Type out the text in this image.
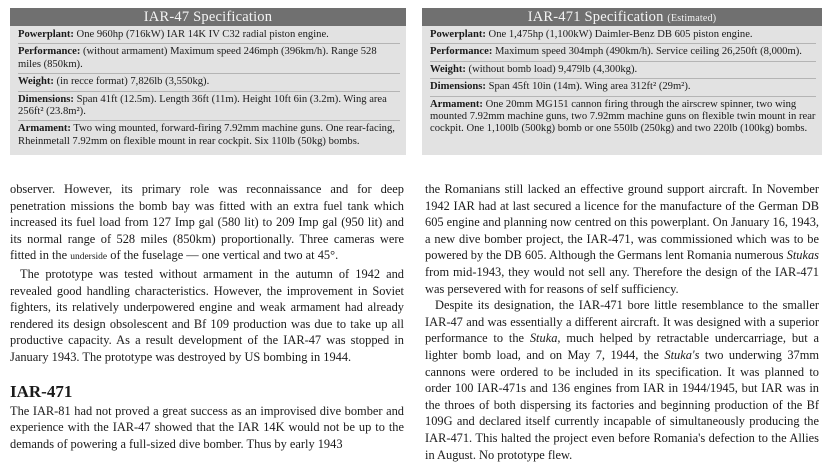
IAR-47 Specification
Powerplant: One 960hp (716kW) IAR 14K IV C32 radial piston engine.
Performance: (without armament) Maximum speed 246mph (396km/h). Range 528 miles (850km).
Weight: (in recce format) 7,826lb (3,550kg).
Dimensions: Span 41ft (12.5m). Length 36ft (11m). Height 10ft 6in (3.2m). Wing area 256ft² (23.8m²).
Armament: Two wing mounted, forward-firing 7.92mm machine guns. One rear-facing, Rheinmetall 7.92mm on flexible mount in rear cockpit. Six 110lb (50kg) bombs.
IAR-471 Specification (Estimated)
Powerplant: One 1,475hp (1,100kW) Daimler-Benz DB 605 piston engine.
Performance: Maximum speed 304mph (490km/h). Service ceiling 26,250ft (8,000m).
Weight: (without bomb load) 9,479lb (4,300kg).
Dimensions: Span 45ft 10in (14m). Wing area 312ft² (29m²).
Armament: One 20mm MG151 cannon firing through the airscrew spinner, two wing mounted 7.92mm machine guns, two 7.92mm machine guns on flexible twin mount in rear cockpit. One 1,100lb (500kg) bomb or one 550lb (250kg) and two 220lb (100kg) bombs.

observer. However, its primary role was reconnaissance and for deep penetration missions the bomb bay was fitted with an extra fuel tank which increased its fuel load from 127 Imp gal (580 lit) to 209 Imp gal (950 lit) and its normal range of 528 miles (850km) proportionally. Three cameras were fitted in the underside of the fuselage — one vertical and two at 45°.

The prototype was tested without armament in the autumn of 1942 and revealed good handling characteristics. However, the improvement in Soviet fighters, its relatively underpowered engine and weak armament had already rendered its design obsolescent and Bf 109 production was due to take up all productive capacity. As a result development of the IAR-47 was stopped in January 1943. The prototype was destroyed by US bombing in 1944.

IAR-471

The IAR-81 had not proved a great success as an improvised dive bomber and experience with the IAR-47 showed that the IAR 14K would not be up to the demands of powering a full-sized dive bomber. Thus by early 1943

the Romanians still lacked an effective ground support aircraft. In November 1942 IAR had at last secured a licence for the manufacture of the German DB 605 engine and planning now centred on this powerplant. On January 16, 1943, a new dive bomber project, the IAR-471, was commissioned which was to be powered by the DB 605. Although the Germans lent Romania numerous Stukas from mid-1943, they would not sell any. Therefore the design of the IAR-471 was persevered with for reasons of self sufficiency.

Despite its designation, the IAR-471 bore little resemblance to the smaller IAR-47 and was essentially a different aircraft. It was designed with a superior performance to the Stuka, much helped by retractable undercarriage, but a lighter bomb load, and on May 7, 1944, the Stuka's two underwing 37mm cannons were ordered to be included in its specification. It was planned to order 100 IAR-471s and 136 engines from IAR in 1944/1945, but IAR was in the throes of both dispersing its factories and beginning production of the Bf 109G and declared itself currently incapable of simultaneously producing the IAR-471. This halted the project even before Romania's defection to the Allies in August. No prototype flew.
